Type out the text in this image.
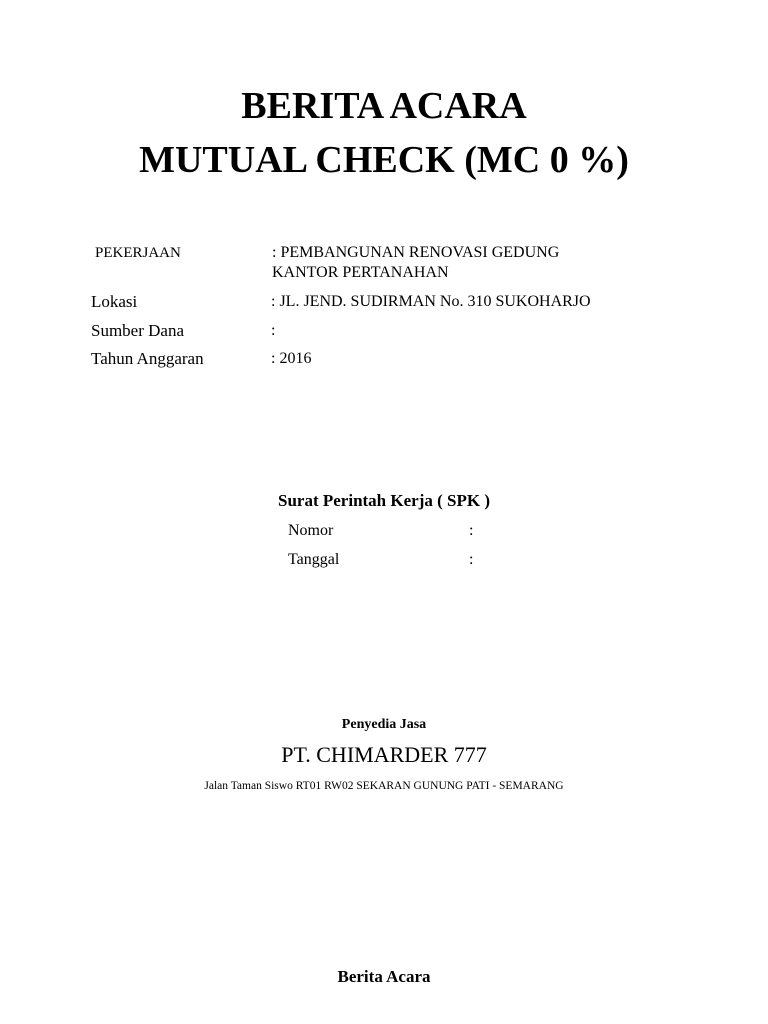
BERITA ACARA
MUTUAL CHECK (MC 0 %)
PEKERJAAN	: PEMBANGUNAN RENOVASI GEDUNG
KANTOR PERTANAHAN
Lokasi	: JL. JEND. SUDIRMAN No. 310 SUKOHARJO
Sumber Dana	:
Tahun Anggaran	: 2016
Surat Perintah Kerja ( SPK )
Nomor	:
Tanggal	:
Penyedia Jasa
PT. CHIMARDER 777
Jalan Taman Siswo RT01 RW02 SEKARAN GUNUNG PATI - SEMARANG
Berita Acara
